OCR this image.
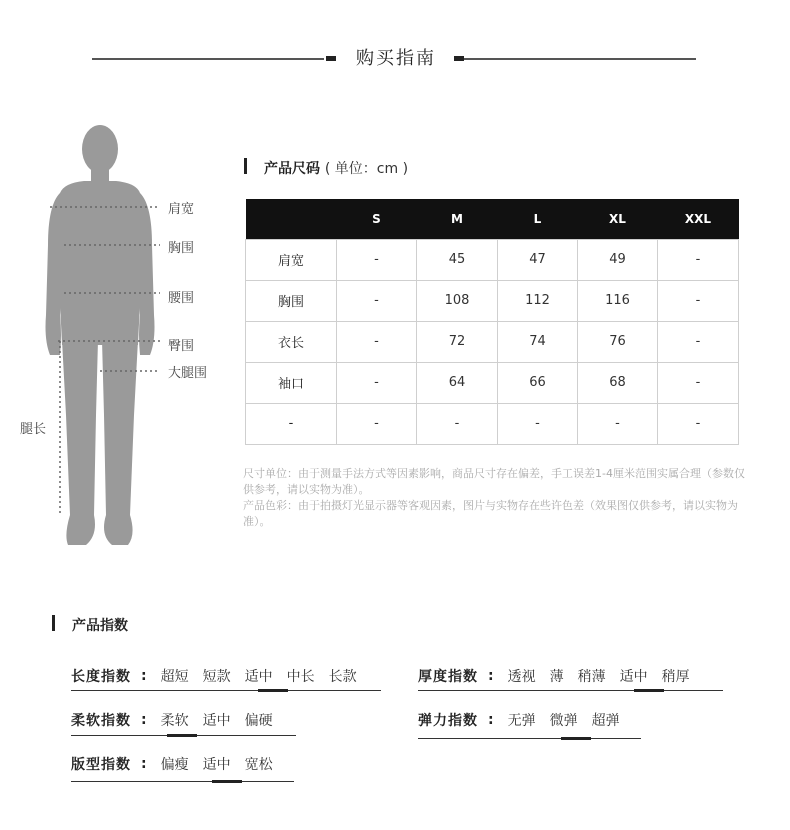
购买指南
肩宽
胸围
腰围
臀围
大腿围
腿长
产品尺码 ( 单位：cm )
	S	M	L	XL	XXL
肩宽	-	45	47	49	-
胸围	-	108	112	116	-
衣长	-	72	74	76	-
袖口	-	64	66	68	-
-	-	-	-	-	-
尺寸单位：由于测量手法方式等因素影响，商品尺寸存在偏差，手工误差1-4厘米范围实属合理（参数仅供参考，请以实物为准）。
产品色彩：由于拍摄灯光显示器等客观因素，图片与实物存在些许色差（效果图仅供参考，请以实物为准）。
产品指数
长度指数 : 超短 短款 适中 中长 长款	厚度指数 : 透视 薄 稍薄 适中 稍厚
柔软指数 : 柔软 适中 偏硬	弹力指数 : 无弹 微弹 超弹
版型指数 : 偏瘦 适中 宽松
